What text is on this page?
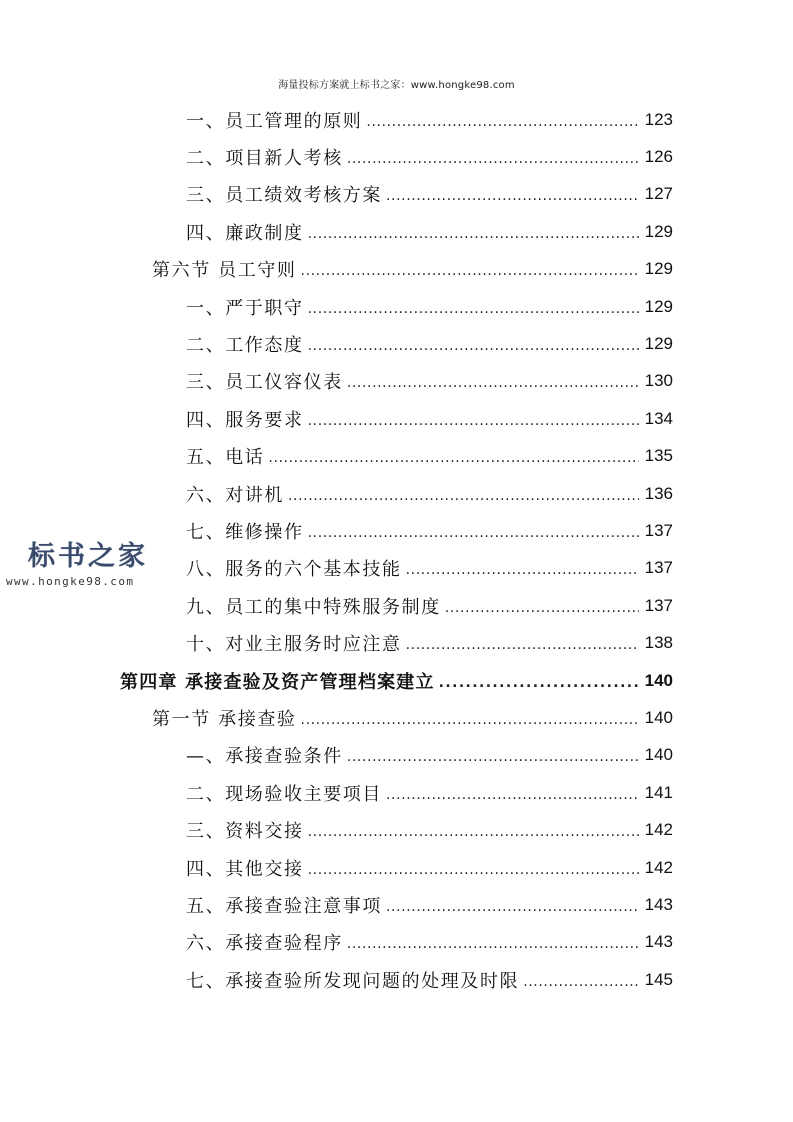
海量投标方案就上标书之家：www.hongke98.com
一、员工管理的原则 .....	123
二、项目新人考核 .....	126
三、员工绩效考核方案 .....	127
四、廉政制度 .....	129
第六节 员工守则 .....	129
一、严于职守 .....	129
二、工作态度 .....	129
三、员工仪容仪表 .....	130
四、服务要求 .....	134
五、电话 .....	135
六、对讲机 .....	136
七、维修操作 .....	137
八、服务的六个基本技能 .....	137
九、员工的集中特殊服务制度 .....	137
十、对业主服务时应注意 .....	138
第四章 承接查验及资产管理档案建立 .....	140
第一节 承接查验 .....	140
—、承接查验条件 .....	140
二、现场验收主要项目 .....	141
三、资料交接 .....	142
四、其他交接 .....	142
五、承接查验注意事项 .....	143
六、承接查验程序 .....	143
七、承接查验所发现问题的处理及时限 .....	145
标书之家
www.hongke98.com
